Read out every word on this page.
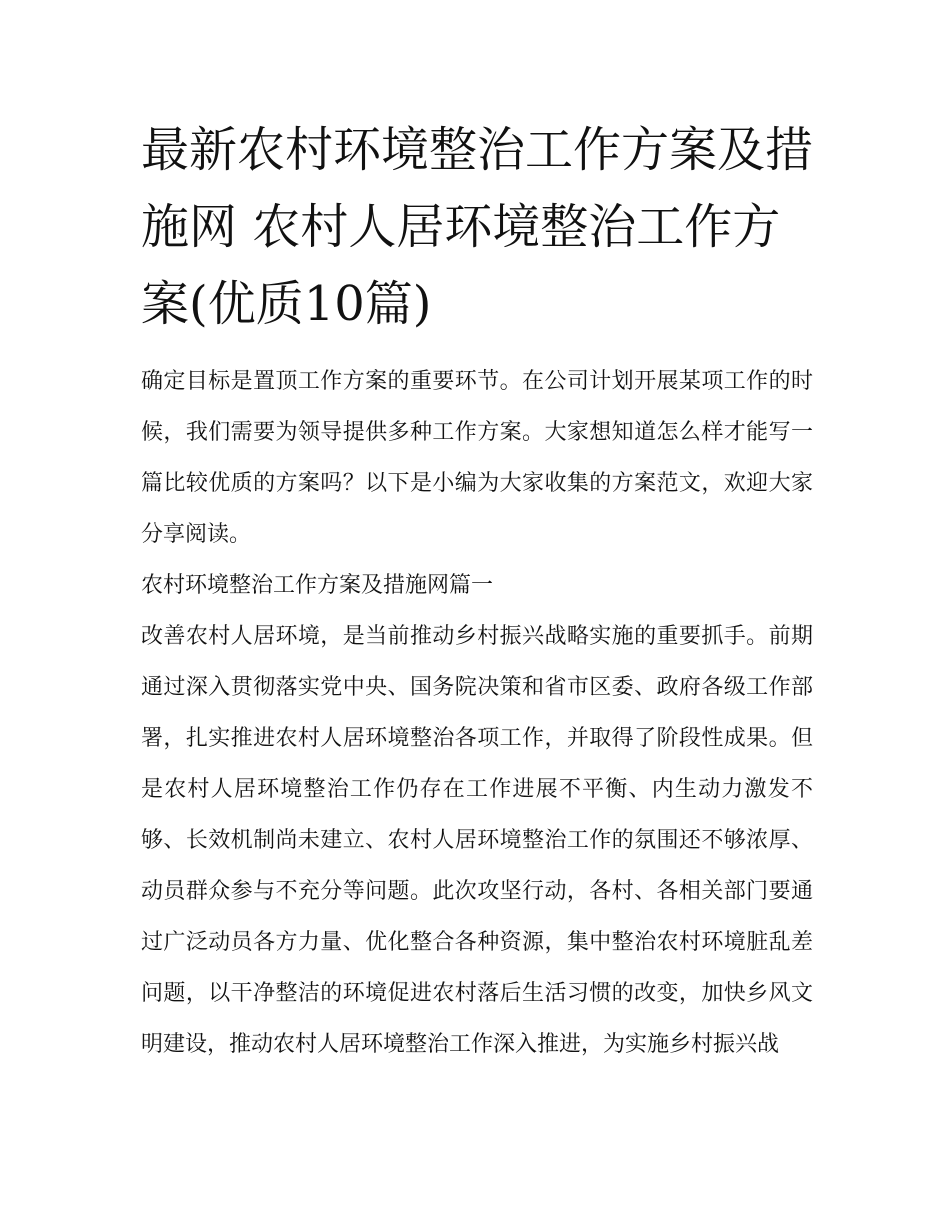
最新农村环境整治工作方案及措施网 农村人居环境整治工作方案(优质10篇)

确定目标是置顶工作方案的重要环节。在公司计划开展某项工作的时候，我们需要为领导提供多种工作方案。大家想知道怎么样才能写一篇比较优质的方案吗？以下是小编为大家收集的方案范文，欢迎大家分享阅读。

农村环境整治工作方案及措施网篇一

改善农村人居环境，是当前推动乡村振兴战略实施的重要抓手。前期通过深入贯彻落实党中央、国务院决策和省市区委、政府各级工作部署，扎实推进农村人居环境整治各项工作，并取得了阶段性成果。但是农村人居环境整治工作仍存在工作进展不平衡、内生动力激发不够、长效机制尚未建立、农村人居环境整治工作的氛围还不够浓厚、动员群众参与不充分等问题。此次攻坚行动，各村、各相关部门要通过广泛动员各方力量、优化整合各种资源，集中整治农村环境脏乱差问题，以干净整洁的环境促进农村落后生活习惯的改变，加快乡风文明建设，推动农村人居环境整治工作深入推进，为实施乡村振兴战
